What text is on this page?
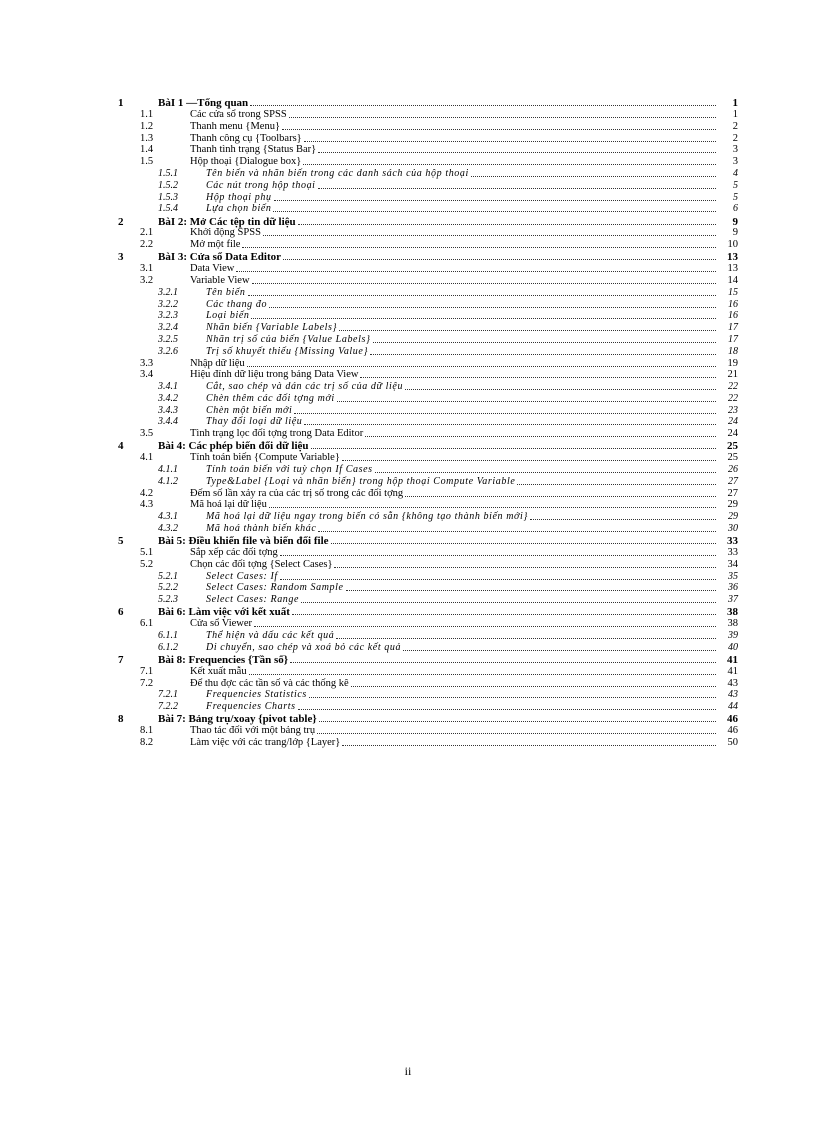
1	BàI 1 —Tổng quan	1
1.1	Các cửa sổ trong SPSS	1
1.2	Thanh menu {Menu}	2
1.3	Thanh công cụ {Toolbars}	2
1.4	Thanh tình trạng {Status Bar}	3
1.5	Hộp thoại {Dialogue box}	3
1.5.1	Tên biến và nhãn biến trong các danh sách của hộp thoại	4
1.5.2	Các nút trong hộp thoại	5
1.5.3	Hộp thoại phụ	5
1.5.4	Lựa chọn biến	6
2	BàI 2: Mở Các tệp tin dữ liệu	9
2.1	Khởi động SPSS	9
2.2	Mở một file	10
3	BàI 3: Cửa sổ Data Editor	13
3.1	Data View	13
3.2	Variable View	14
3.2.1	Tên biến	15
3.2.2	Các thang đo	16
3.2.3	Loại biến	16
3.2.4	Nhãn biến {Variable Labels}	17
3.2.5	Nhãn trị số của biến {Value Labels}	17
3.2.6	Trị số khuyết thiếu {Missing Value}	18
3.3	Nhập dữ liệu	19
3.4	Hiệu đính dữ liệu trong bảng Data View	21
3.4.1	Cắt, sao chép và dán các trị số của dữ liệu	22
3.4.2	Chèn thêm các đối tợng mới	22
3.4.3	Chèn một biến mới	23
3.4.4	Thay đổi loại dữ liệu	24
3.5	Tình trạng lọc đối tợng trong Data Editor	24
4	Bài 4: Các phép biến đổi dữ liệu	25
4.1	Tính toán biến {Compute Variable}	25
4.1.1	Tính toán biến với tuỳ chọn If Cases	26
4.1.2	Type&Label {Loại và nhãn biến} trong hộp thoại Compute Variable	27
4.2	Đếm số lần xảy ra của các trị số trong các đối tợng	27
4.3	Mã hoá lại dữ liệu	29
4.3.1	Mã hoá lại dữ liệu ngay trong biến có sẵn {không tạo thành biến mới}	29
4.3.2	Mã hoá thành biến khác	30
5	Bài 5: Điều khiển file và biến đổi file	33
5.1	Sắp xếp các đối tợng	33
5.2	Chọn các đối tợng {Select Cases}	34
5.2.1	Select Cases: If	35
5.2.2	Select Cases: Random Sample	36
5.2.3	Select Cases: Range	37
6	Bài 6: Làm việc với kết xuất	38
6.1	Cửa sổ Viewer	38
6.1.1	Thể hiện và dấu các kết quả	39
6.1.2	Di chuyển, sao chép và xoá bỏ các kết quả	40
7	Bài 8: Frequencies {Tần số}	41
7.1	Kết xuất mẫu	41
7.2	Để thu đợc các tần số và các thống kê	43
7.2.1	Frequencies Statistics	43
7.2.2	Frequencies Charts	44
8	Bài 7: Bảng trụ/xoay {pivot table}	46
8.1	Thao tác đối với một bảng trụ	46
8.2	Làm việc với các trang/lớp {Layer}	50
ii
